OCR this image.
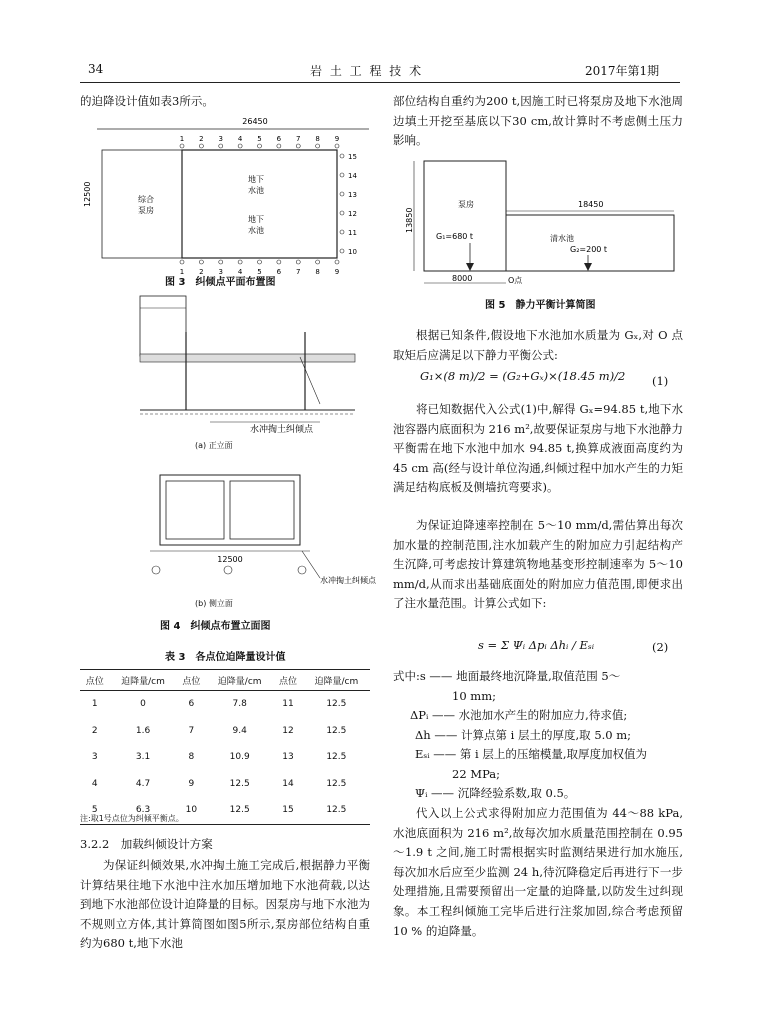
34	岩 土 工 程 技 术	2017年第1期

的迫降设计值如表3所示。

26450
12500	综合
泵房
地下
水池
地下
水池
1
1
2
2
3
3
4
4
5
5
6
6
7
7
8
8
9
9
15
14
13
12
11
10
图 3　纠倾点平面布置图
水冲掏土纠倾点
(a) 正立面
12500
水冲掏土纠倾点
(b) 侧立面
图 4　纠倾点布置立面图
表 3　各点位迫降量设计值
点位	迫降量/cm	点位	迫降量/cm	点位	迫降量/cm
1	0	6	7.8	11	12.5
2	1.6	7	9.4	12	12.5
3	3.1	8	10.9	13	12.5
4	4.7	9	12.5	14	12.5
5	6.3	10	12.5	15	12.5
注:取1号点位为纠倾平衡点。
3.2.2　 加载纠倾设计方案

为保证纠倾效果,水冲掏土施工完成后,根据静力平衡计算结果往地下水池中注水加压增加地下水池荷载,以达到地下水池部位设计迫降量的目标。因泵房与地下水池为不规则立方体,其计算简图如图5所示,泵房部位结构自重约为680 t,地下水池

部位结构自重约为200 t,因施工时已将泵房及地下水池周边填土开挖至基底以下30 cm,故计算时不考虑侧土压力影响。

13850
18450
泵房
G₁=680 t	清水池
G₂=200 t
8000	O点
图 5　静力平衡计算简图

根据已知条件,假设地下水池加水质量为 Gₓ,对 O 点取矩后应满足以下静力平衡公式:

G₁×(8 m)/2 = (G₂+Gₓ)×(18.45 m)/2 (1)

将已知数据代入公式(1)中,解得 Gₓ=94.85 t,地下水池容器内底面积为 216 m²,故要保证泵房与地下水池静力平衡需在地下水池中加水 94.85 t,换算成液面高度约为 45 cm 高(经与设计单位沟通,纠倾过程中加水产生的力矩满足结构底板及侧墙抗弯要求)。

为保证迫降速率控制在 5～10 mm/d,需估算出每次加水量的控制范围,注水加载产生的附加应力引起结构产生沉降,可考虑按计算建筑物地基变形控制速率为 5～10 mm/d,从而求出基础底面处的附加应力值范围,即便求出了注水量范围。计算公式如下:

s = Σ Ψᵢ Δpᵢ Δhᵢ / Eₛᵢ	(2)
式中:s —— 地面最终地沉降量,取值范围 5～
10 mm;
ΔPᵢ —— 水池加水产生的附加应力,待求值;
Δh —— 计算点第 i 层土的厚度,取 5.0 m;
Eₛᵢ —— 第 i 层上的压缩模量,取厚度加权值为
22 MPa;
Ψᵢ —— 沉降经验系数,取 0.5。

代入以上公式求得附加应力范围值为 44～88 kPa,水池底面积为 216 m²,故每次加水质量范围控制在 0.95～1.9 t 之间,施工时需根据实时监测结果进行加水施压,每次加水后应至少监测 24 h,待沉降稳定后再进行下一步处理措施,且需要预留出一定量的迫降量,以防发生过纠现象。本工程纠倾施工完毕后进行注浆加固,综合考虑预留 10 % 的迫降量。
